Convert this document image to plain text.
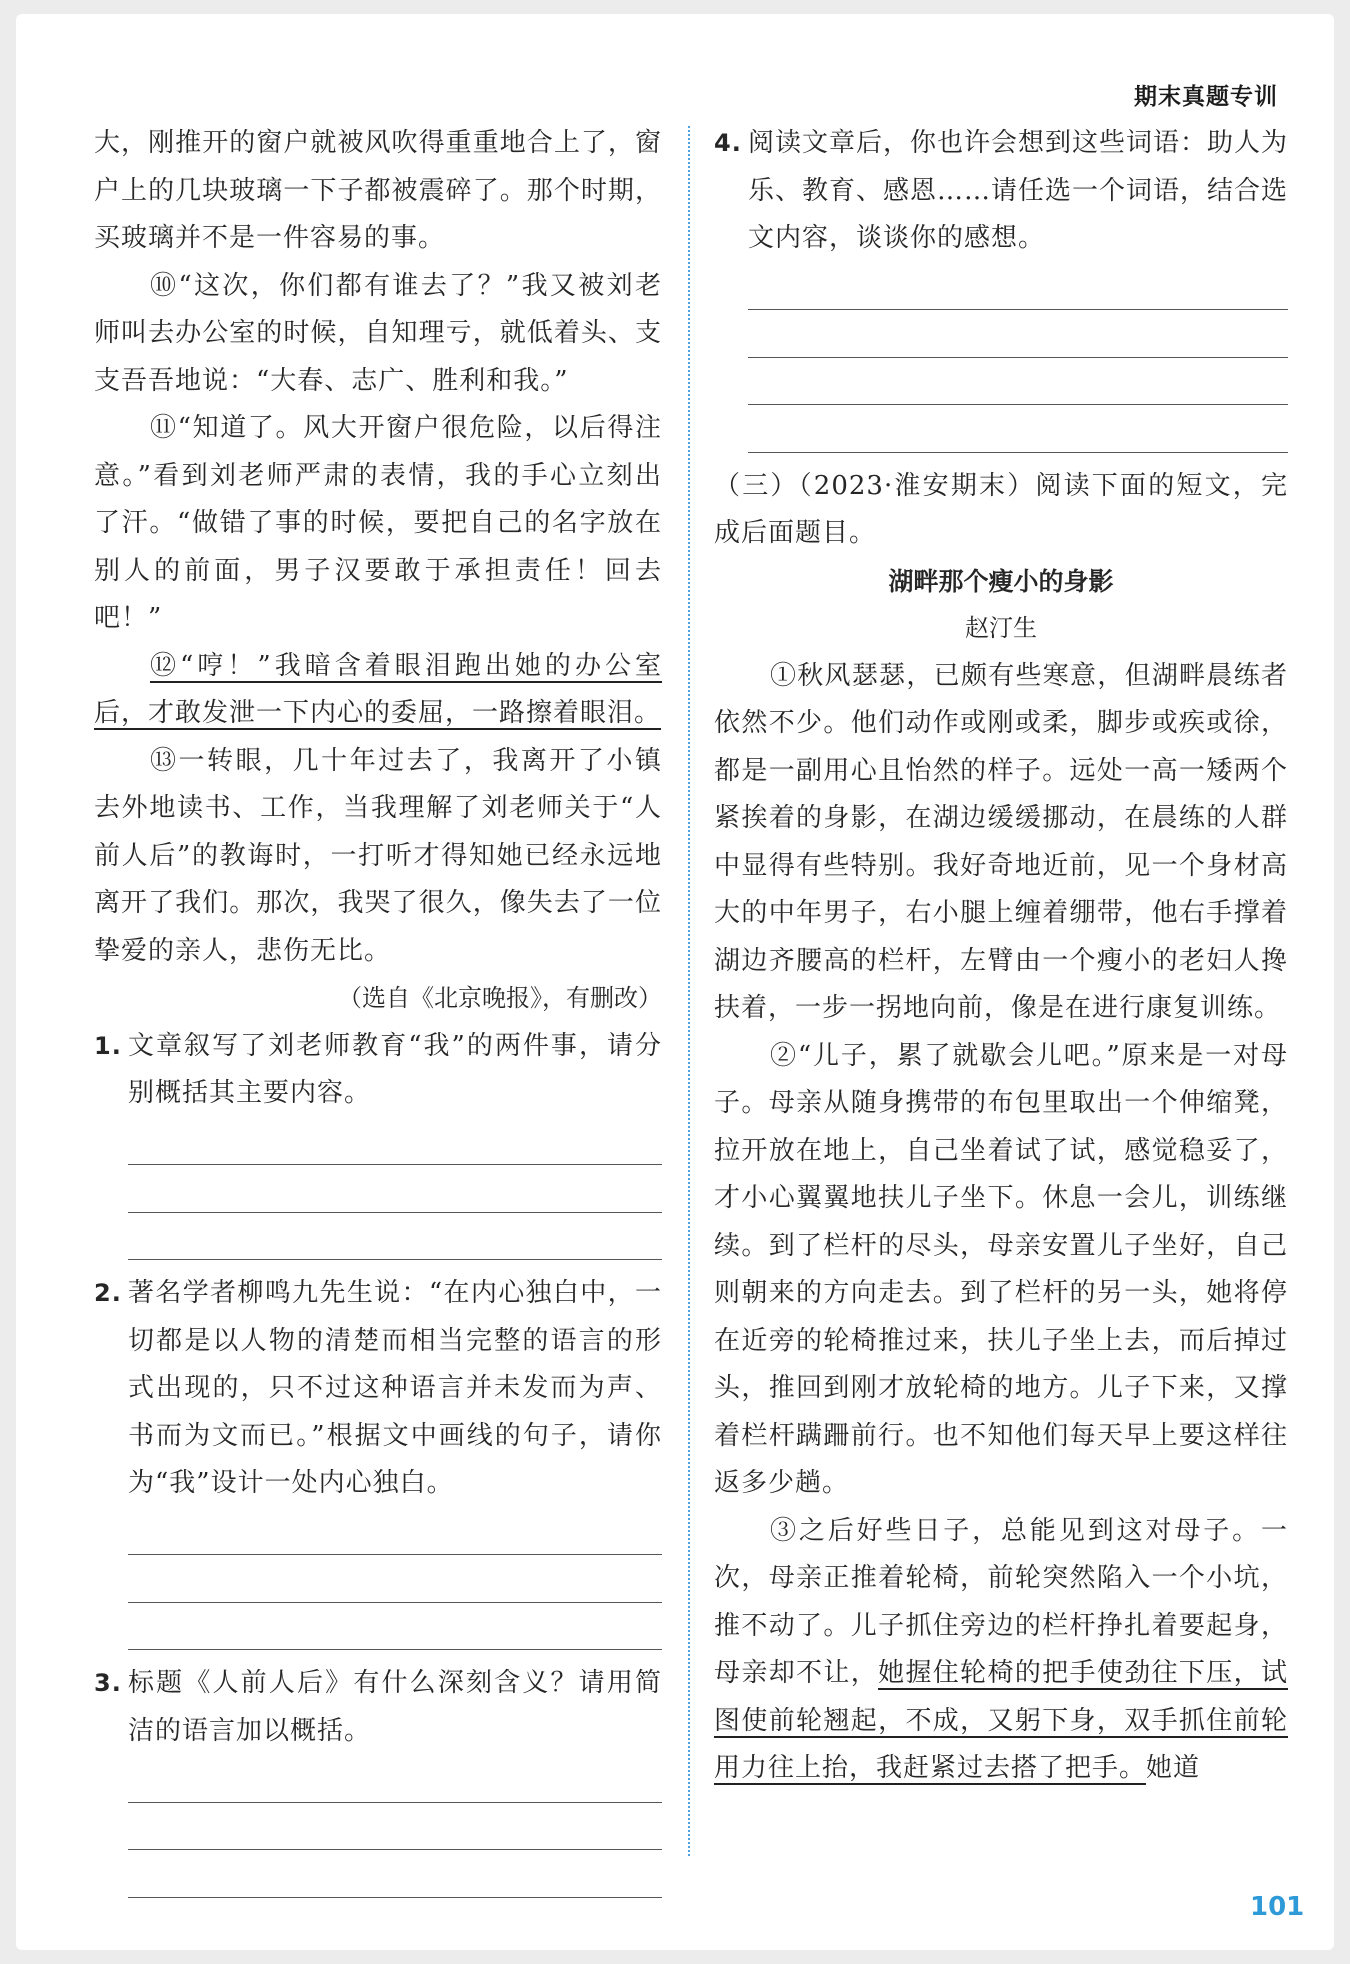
期末真题专训

大，刚推开的窗户就被风吹得重重地合上了，窗户上的几块玻璃一下子都被震碎了。那个时期，买玻璃并不是一件容易的事。

⑩“这次，你们都有谁去了？”我又被刘老师叫去办公室的时候，自知理亏，就低着头、支支吾吾地说：“大春、志广、胜利和我。”

⑪“知道了。风大开窗户很危险，以后得注意。”看到刘老师严肃的表情，我的手心立刻出了汗。“做错了事的时候，要把自己的名字放在别人的前面，男子汉要敢于承担责任！回去吧！”

⑫“哼！”我暗含着眼泪跑出她的办公室后，才敢发泄一下内心的委屈，一路擦着眼泪。

⑬一转眼，几十年过去了，我离开了小镇去外地读书、工作，当我理解了刘老师关于“人前人后”的教诲时，一打听才得知她已经永远地离开了我们。那次，我哭了很久，像失去了一位挚爱的亲人，悲伤无比。

（选自《北京晚报》，有删改）

1. 文章叙写了刘老师教育“我”的两件事，请分别概括其主要内容。
2. 著名学者柳鸣九先生说：“在内心独白中，一切都是以人物的清楚而相当完整的语言的形式出现的，只不过这种语言并未发而为声、书而为文而已。”根据文中画线的句子，请你为“我”设计一处内心独白。
3. 标题《人前人后》有什么深刻含义？请用简洁的语言加以概括。
4. 阅读文章后，你也许会想到这些词语：助人为乐、教育、感恩……请任选一个词语，结合选文内容，谈谈你的感想。

（三）（2023·淮安期末）阅读下面的短文，完成后面题目。

湖畔那个瘦小的身影

赵汀生

①秋风瑟瑟，已颇有些寒意，但湖畔晨练者依然不少。他们动作或刚或柔，脚步或疾或徐，都是一副用心且怡然的样子。远处一高一矮两个紧挨着的身影，在湖边缓缓挪动，在晨练的人群中显得有些特别。我好奇地近前，见一个身材高大的中年男子，右小腿上缠着绷带，他右手撑着湖边齐腰高的栏杆，左臂由一个瘦小的老妇人搀扶着，一步一拐地向前，像是在进行康复训练。

②“儿子，累了就歇会儿吧。”原来是一对母子。母亲从随身携带的布包里取出一个伸缩凳，拉开放在地上，自己坐着试了试，感觉稳妥了，才小心翼翼地扶儿子坐下。休息一会儿，训练继续。到了栏杆的尽头，母亲安置儿子坐好，自己则朝来的方向走去。到了栏杆的另一头，她将停在近旁的轮椅推过来，扶儿子坐上去，而后掉过头，推回到刚才放轮椅的地方。儿子下来，又撑着栏杆蹒跚前行。也不知他们每天早上要这样往返多少趟。

③之后好些日子，总能见到这对母子。一次，母亲正推着轮椅，前轮突然陷入一个小坑，推不动了。儿子抓住旁边的栏杆挣扎着要起身，母亲却不让，她握住轮椅的把手使劲往下压，试图使前轮翘起，不成，又躬下身，双手抓住前轮用力往上抬，我赶紧过去搭了把手。她道

101
